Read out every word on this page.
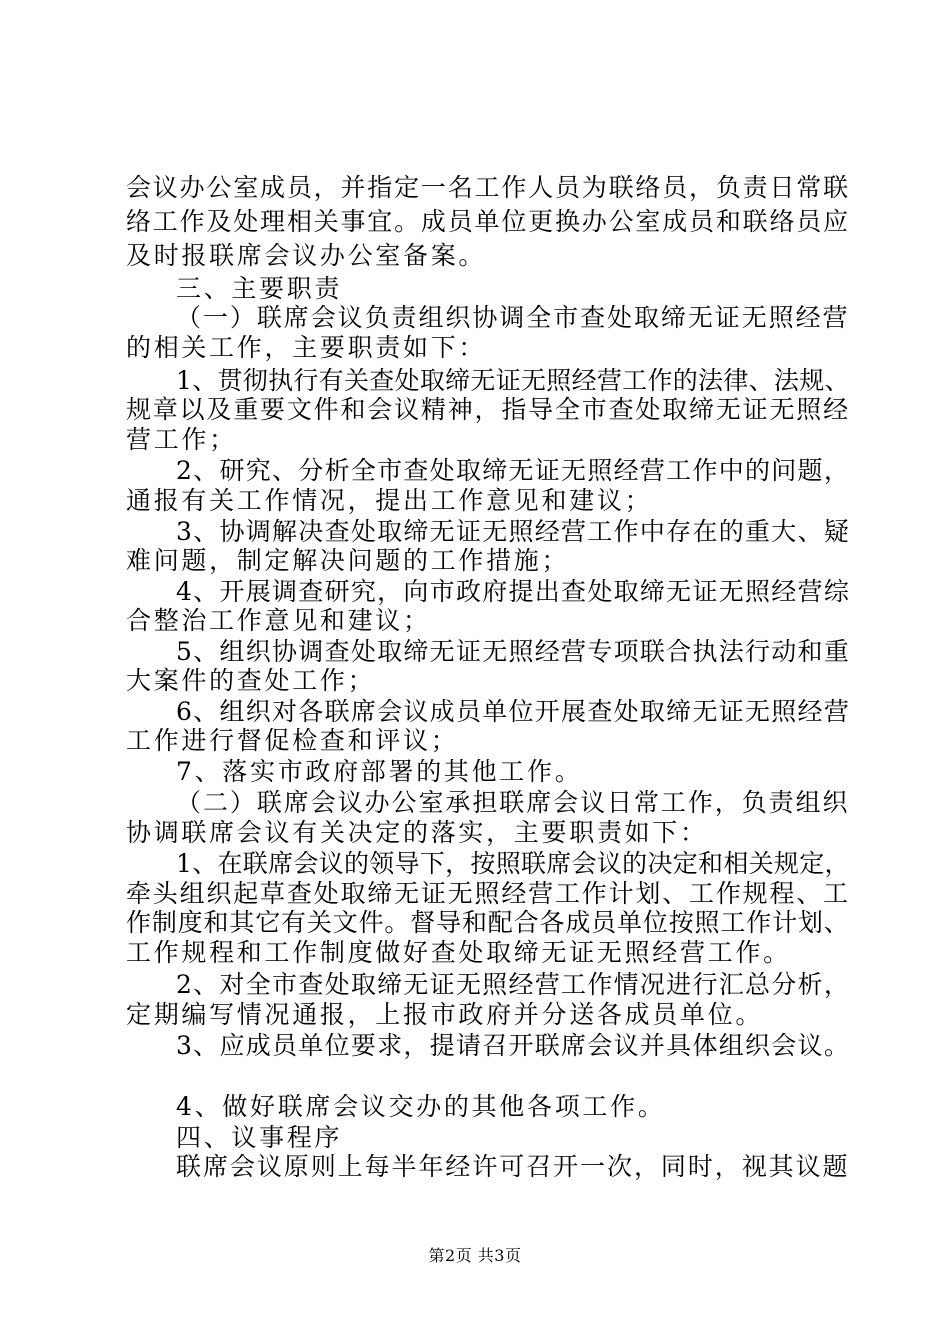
会议办公室成员，并指定一名工作人员为联络员，负责日常联
络工作及处理相关事宜。成员单位更换办公室成员和联络员应
及时报联席会议办公室备案。
三、主要职责
（一）联席会议负责组织协调全市查处取缔无证无照经营
的相关工作，主要职责如下：
1、贯彻执行有关查处取缔无证无照经营工作的法律、法规、
规章以及重要文件和会议精神，指导全市查处取缔无证无照经
营工作；
2、研究、分析全市查处取缔无证无照经营工作中的问题，
通报有关工作情况，提出工作意见和建议；
3、协调解决查处取缔无证无照经营工作中存在的重大、疑
难问题，制定解决问题的工作措施；
4、开展调查研究，向市政府提出查处取缔无证无照经营综
合整治工作意见和建议；
5、组织协调查处取缔无证无照经营专项联合执法行动和重
大案件的查处工作；
6、组织对各联席会议成员单位开展查处取缔无证无照经营
工作进行督促检查和评议；
7、落实市政府部署的其他工作。
（二）联席会议办公室承担联席会议日常工作，负责组织
协调联席会议有关决定的落实，主要职责如下：
1、在联席会议的领导下，按照联席会议的决定和相关规定，
牵头组织起草查处取缔无证无照经营工作计划、工作规程、工
作制度和其它有关文件。督导和配合各成员单位按照工作计划、
工作规程和工作制度做好查处取缔无证无照经营工作。
2、对全市查处取缔无证无照经营工作情况进行汇总分析，
定期编写情况通报，上报市政府并分送各成员单位。
3、应成员单位要求，提请召开联席会议并具体组织会议。
4、做好联席会议交办的其他各项工作。
四、议事程序
联席会议原则上每半年经许可召开一次，同时，视其议题
第2页 共3页
